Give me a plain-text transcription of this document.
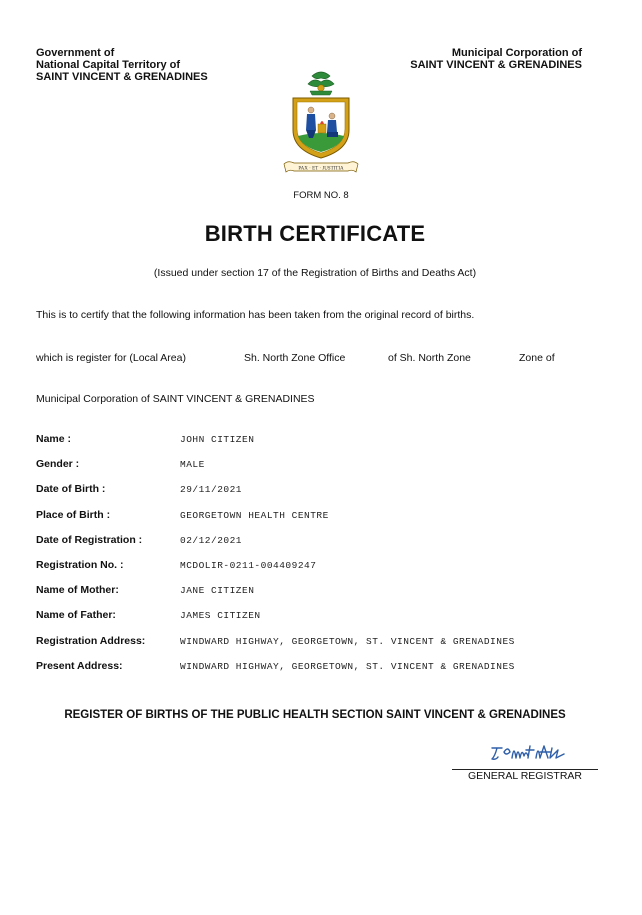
Government of
National Capital Territory of
SAINT VINCENT & GRENADINES
Municipal Corporation of
SAINT VINCENT & GRENADINES
PAX · ET · JUSTITIA
FORM NO. 8
BIRTH CERTIFICATE
(Issued under section 17 of the Registration of Births and Deaths Act)
This is to certify that the following information has been taken from the original record of births.
which is register for (Local Area)	Sh. North Zone Office	of Sh. North Zone	Zone of
Municipal Corporation of SAINT VINCENT & GRENADINES
Name :	JOHN CITIZEN
Gender :	MALE
Date of Birth :	29/11/2021
Place of Birth :	GEORGETOWN HEALTH CENTRE
Date of Registration :	02/12/2021
Registration No. :	MCDOLIR-0211-004409247
Name of Mother:	JANE CITIZEN
Name of Father:	JAMES CITIZEN
Registration Address:	WINDWARD HIGHWAY, GEORGETOWN, ST. VINCENT & GRENADINES
Present Address:	WINDWARD HIGHWAY, GEORGETOWN, ST. VINCENT & GRENADINES
REGISTER OF BIRTHS OF THE PUBLIC HEALTH SECTION SAINT VINCENT & GRENADINES
GENERAL REGISTRAR
